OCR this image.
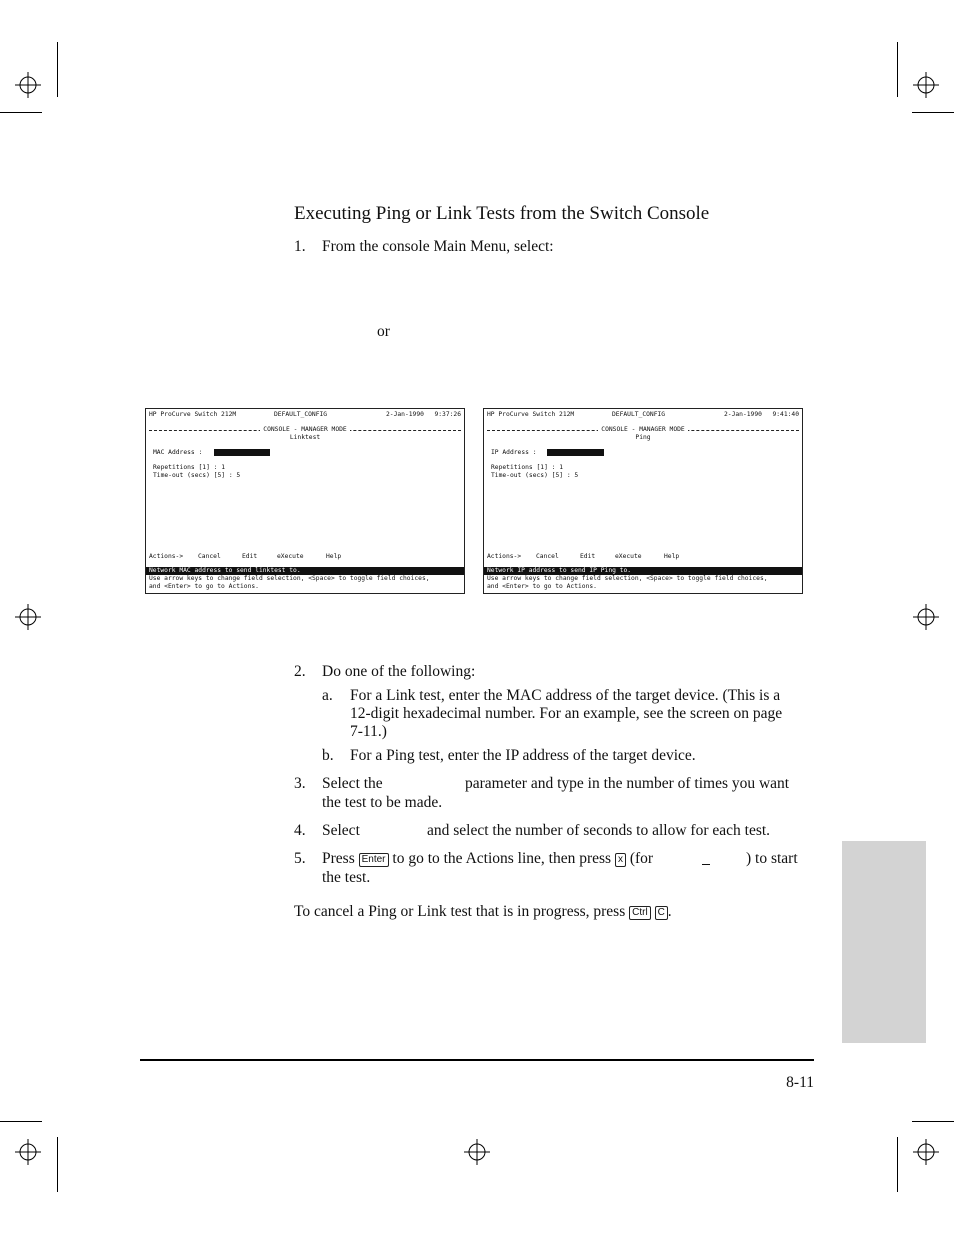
Executing Ping or Link Tests from the Switch Console
1. From the console Main Menu, select:
or
HP ProCurve Switch 212M	DEFAULT_CONFIG	2-Jan-1990 9:37:26
CONSOLE - MANAGER MODE
Linktest
MAC Address :
Repetitions [1] : 1
Time-out (secs) [5] : 5
Actions-> Cancel	Edit	eXecute	Help
Network MAC address to send linktest to.
Use arrow keys to change field selection, <Space> to toggle field choices,
and <Enter> to go to Actions.
HP ProCurve Switch 212M	DEFAULT_CONFIG	2-Jan-1990 9:41:40
CONSOLE - MANAGER MODE
Ping
IP Address :
Repetitions [1] : 1
Time-out (secs) [5] : 5
Actions-> Cancel	Edit	eXecute	Help
Network IP address to send IP Ping to.
Use arrow keys to change field selection, <Space> to toggle field choices,
and <Enter> to go to Actions.
2. Do one of the following:
a. For a Link test, enter the MAC address of the target device. (This is a
12-digit hexadecimal number. For an example, see the screen on page
7-11.)
b. For a Ping test, enter the IP address of the target device.
3. Select the	parameter and type in the number of times you want
the test to be made.
4. Select	and select the number of seconds to allow for each test.
5. Press Enter to go to the Actions line, then press x (for	) to start
the test.
To cancel a Ping or Link test that is in progress, press Ctrl C .
8-11
